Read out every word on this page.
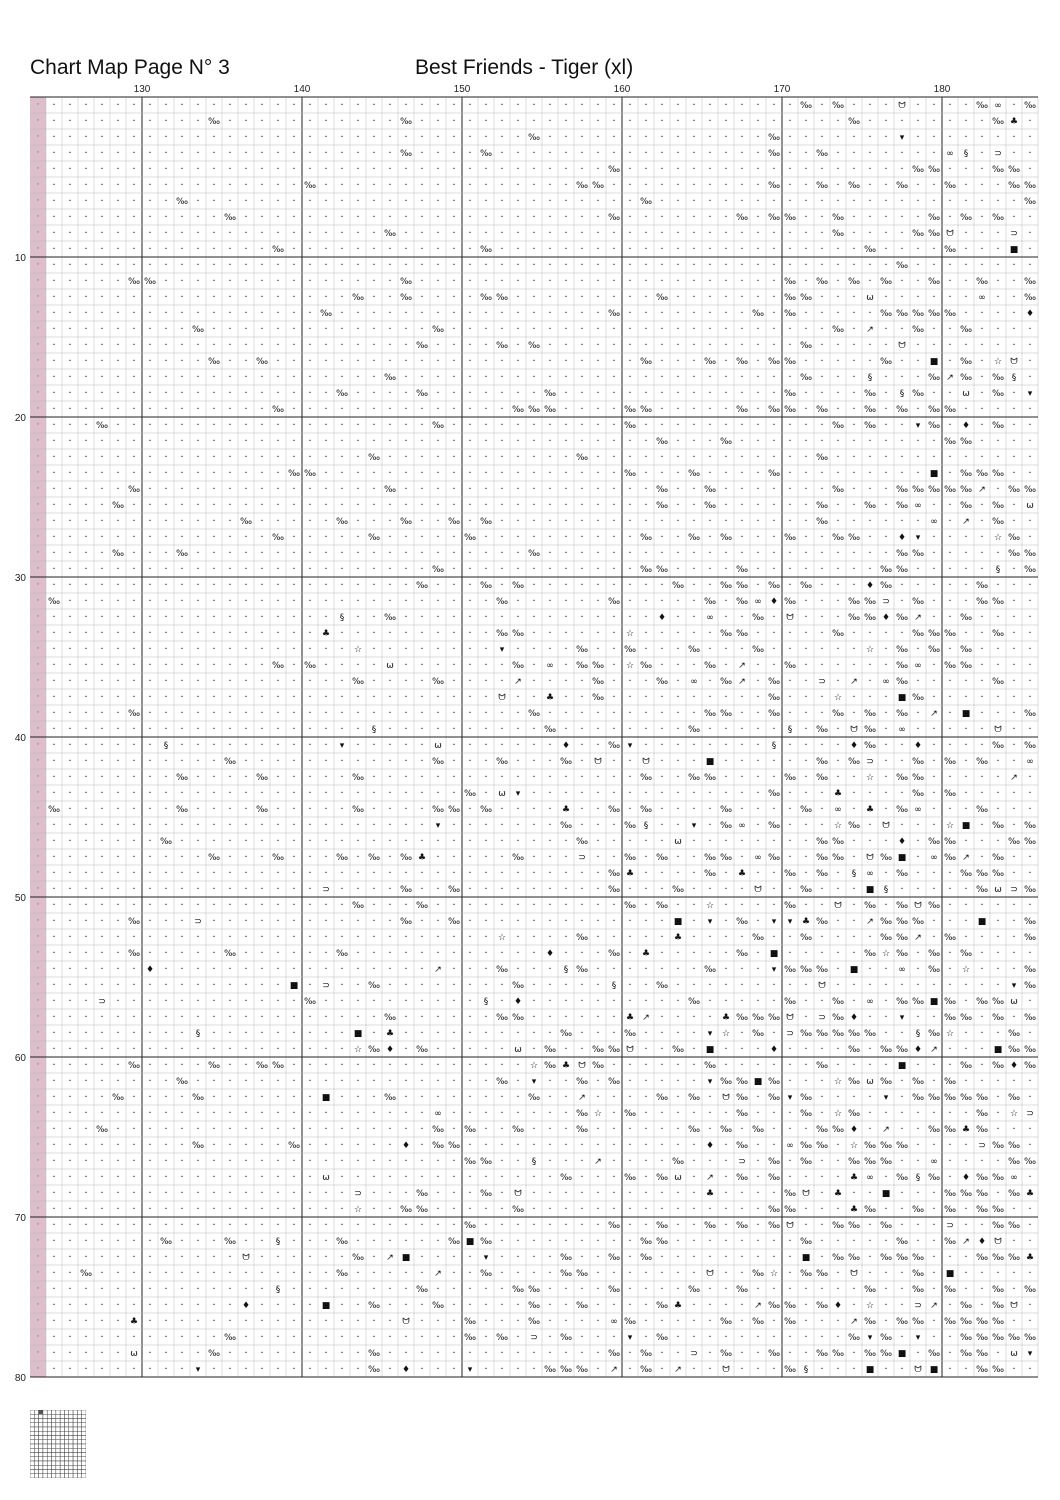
Chart Map Page N° 3	Best Friends - Tiger (xl)
·
·
·
·
·
·
·
·
·
·
·
·
·
·
·
·
·
·
·
·
·
·
·
·
·
·
·
·
·
·
·
·
·
·
·
·
·
·
·
·
·
·
·
·
·
·
·
·
·
·
·
·
·
·
·
·
·
·
·
·
·
·
·
·
·
·
·
·
·
·
·
·
·
·
·
·
·
·
·
·
· · · · · · · · · · · · · · · · · · · · · · · · · · · · · · · · · · · · · · · · · · · · · · · ‰ · ‰ · · · ᗢ · · · · ‰ ∞ · ‰
· · · · · · · · · · ‰ · · · · · · · · · · · ‰ · · · · · · · · · · · · · · · · · · · · · · · · · · · ‰ · · · · · · · · ‰ ♣ ·
· · · · · · · · · · · · · · · · · · · · · · · · · · · · · · ‰ · · · · · · · · · · · · · · ‰ · · · · · · · ▾ · · · · · · · ·
· · · · · · · · · · · · · · · · · · · · · · ‰ · · · · ‰ · · · · · · · · · · · · · · · · · ‰ · · ‰ · · · · · · · ∞ § · ⊃ · ·
· · · · · · · · · · · · · · · · · · · · · · · · · · · · · · · · · · · ‰ · · · · · · · · · · · · · · · · · · ‰ ‰ · · · ‰ ‰ ·
· · · · · · · · · · · · · · · · ‰ · · · · · · · · · · · · · · · · ‰ ‰ · · · · · · · · · · ‰ · · ‰ · ‰ · · ‰ · · ‰ · · · ‰ ‰
· · · · · · · · ‰ · · · · · · · · · · · · · · · · · · · · · · · · · · · · ‰ · · · · · · · · · · · · · · · · · · · · · · · ‰
· · · · · · · · · · · ‰ · · · · · · · · · · · · · · · · · · · · · · · ‰ · · · · · · · ‰ · ‰ ‰ · · ‰ · · · · · ‰ · ‰ · ‰ · ·
· · · · · · · · · · · · · · · · · · · · · ‰ · · · · · · · · · · · · · · · · · · · · · · · · · · · ‰ · · · · ‰ ‰ ᗢ · · · ⊃ ·
· · · · · · · · · · · · · · ‰ · · · · · · · · · · · · ‰ · · · · · · · · · · · · · · · · · · · · · · · ‰ · · · · ‰ · · · ■ ·
· · · · · · · · · · · · · · · · · · · · · · · · · · · · · · · · · · · · · · · · · · · · · · · · · · · · · ‰ · · · · · · · ·
· · · · · ‰ ‰ · · · · · · · · · · · · · · · ‰ · · · · · · · · · · · · · · · · · · · · · · · ‰ · ‰ · ‰ · ‰ · · ‰ · · ‰ · · ‰
· · · · · · · · · · · · · · · · · · · ‰ · · ‰ · · · · ‰ ‰ · · · · · · · · · ‰ · · · · · · · ‰ ‰ · · · ω · · · · · · ∞ · · ‰
· · · · · · · · · · · · · · · · · ‰ · · · · · · · · · · · · · · · · · ‰ · · · · · · · · ‰ · ‰ · · · · · ‰ ‰ ‰ ‰ ‰ · · · · ♦
· · · · · · · · · ‰ · · · · · · · · · · · · · · ‰ · · · · · · · · · · · · · · · · · · · · · · · · ‰ · ↗ · · ‰ · · ‰ · · · ·
· · · · · · · · · · · · · · · · · · · · · · · ‰ · · · · ‰ · ‰ · · · · · · · · · · · · · · · · ‰ · · · · · ᗢ · · · · · · · ·
· · · · · · · · · · ‰ · · ‰ · · · · · · · · · · · · · · · · · · · · · · · ‰ · · · ‰ · ‰ · ‰ ‰ · · · · · ‰ · · ■ · ‰ · ☆ ᗢ ·
· · · · · · · · · · · · · · · · · · · · · ‰ · · · · · · · · · · · · · · · · · · · · · · · · · ‰ · · · § · · · ‰ ↗ ‰ · ‰ § ·
· · · · · · · · · · · · · · · · · · ‰ · · · · ‰ · · · · · · · ‰ · · · · · · · · · · · · · · ‰ · · · · ‰ · § ‰ · · ω · ‰ · ▾
· · · · · · · · · · · · · · ‰ · · · · · · · · · · · · · · ‰ ‰ ‰ · · · · ‰ ‰ · · · · · ‰ · ‰ ‰ · ‰ · · ‰ · ‰ · ‰ ‰ · · · · ·
· · · ‰ · · · · · · · · · · · · · · · · · · · · ‰ · · · · · · · · · · · ‰ · · · · · · · · · · · · ‰ · ‰ · · ▾ ‰ · ♦ · ‰ · ·
· · · · · · · · · · · · · · · · · · · · · · · · · · · · · · · · · · · · · · ‰ · · · ‰ · · · · · · · · · · · · · ‰ ‰ · · · ·
· · · · · · · · · · · · · · · · · · · · ‰ · · · · · · · · · · · · ‰ · · · · · · · · · · · · · · ‰ · · · · · · · · · · · · ·
· · · · · · · · · · · · · · · ‰ ‰ · · · · · · · · · · · · · · · · · · · ‰ · · · ‰ · · · · ‰ · · · · · · · · · ■ · ‰ ‰ ‰ · ·
· · · · · ‰ · · · · · · · · · · · · · · · ‰ · · · · · · · · · · · · · · · · ‰ · · ‰ · · · · · · · ‰ · · · ‰ ‰ ‰ ‰ ‰ ↗ · ‰ ‰
· · · · ‰ · · · · · · · · · · · · · · · · · · · · · · · · · · · · · · · · · ‰ · · ‰ · · · · · · ‰ · · ‰ · ‰ ∞ · · ‰ · ‰ · ω
· · · · · · · · · · · · ‰ · · · · · ‰ · · · ‰ · · ‰ · ‰ · · · · · · · · · · · · · · · · · · · · ‰ · · · · · · ∞ · ↗ · ‰ · ·
· · · · · · · · · · · · · · ‰ · · · · · ‰ · · · · · ‰ · · · · · · · · · · ‰ · · ‰ · ‰ · · · ‰ · · ‰ ‰ · · ♦ ▾ · · · · ☆ ‰ ·
· · · · ‰ · · · ‰ · · · · · · · · · · · · · · · · · · · · · ‰ · · · · · · · · · · · · · · · · · · · · · · ‰ ‰ · · · · · ‰ ‰
· · · · · · · · · · · · · · · · · · · · · · · · ‰ · · · · · · · · · · · · ‰ ‰ · · · · ‰ · · · · · · · · ‰ ‰ · · · · · § · ‰
· · · · · · · · · · · · · · · · · · · · · · · ‰ · · · ‰ · ‰ · · · · · · · · · ‰ · · ‰ ‰ · ‰ · ‰ · · · ♦ ‰ · · · · · ‰ · · ·
‰ · · · · · · · · · · · · · · · · · · · · · · · · · · · ‰ · · · · · · ‰ · · · · · ‰ · ‰ ∞ ♦ ‰ · · · ‰ ‰ ⊃ · ‰ · · · ‰ ‰ · ·
· · · · · · · · · · · · · · · · · · § · · ‰ · · · · · · · · · · · · · · · · ♦ · · ∞ · · ‰ · ᗢ · · · ‰ ‰ ♦ ‰ ↗ · · ‰ · · · ·
· · · · · · · · · · · · · · · · · ♣ · · · · · · · · · · ‰ ‰ · · · · · · ☆ · · · · · ‰ ‰ · · · · · ‰ · · · · ‰ ‰ ‰ · · ‰ · ·
· · · · · · · · · · · · · · · · · · · ☆ · · · · · · · · ▾ · · · · ‰ · · ‰ · · · ‰ · · · ‰ · · · · · · ☆ · ‰ · ‰ · ‰ · · · ·
· · · · · · · · · · · · · · ‰ · ‰ · · · · ω · · · · · · · ‰ · ∞ · ‰ ‰ · ☆ ‰ · · · ‰ · ↗ · · ‰ · · · · · · ‰ ∞ · ‰ ‰ · · · ·
· · · · · · · · · · · · · · · · · · · ‰ · · · · ‰ · · · · ↗ · · · · ‰ · · · ‰ · ∞ · ‰ ↗ · ‰ · · ⊃ · ↗ · ∞ ‰ · · · · · ‰ · ·
· · · · · · · · · · · · · · · · · · · · · · · · · · · · ᗢ · · ♣ · · ‰ · · · · · · · · · · ‰ · · · ☆ · · · ■ ‰ · · · · · · ·
· · · · · ‰ · · · · · · · · · · · · · · · · · · · · · · · · ‰ · · · · · · · · · · ‰ ‰ · · ‰ · · · ‰ · ‰ · ‰ · ↗ · ■ · · · ‰
· · · · · · · · · · · · · · · · · · · · § · · · · · · · · · · ‰ · · · · · · · · ‰ · · · · · § · ‰ · ᗢ ‰ · ∞ · · · · · ᗢ · ·
· · · · · · · § · · · · · · · · · · ▾ · · · · · ω · · · · · · · ♦ · · ‰ ▾ · · · · · · · · § · · · · ♦ ‰ · · ♦ · · · · ‰ · ‰
· · · · · · · · · · · ‰ · · · · · · · · · · · · ‰ · · · ‰ · · · ‰ · ᗢ · · ᗢ · · · ■ · · · · · · ‰ · ‰ ⊃ · · ‰ · ‰ · ‰ · · ∞
· · · · · · · · ‰ · · · · ‰ · · · · · ‰ · · · · · · · · · · · · · · · · · ‰ · · ‰ ‰ · · · · ‰ · ‰ · · ☆ · ‰ ‰ · · · · · ↗ ·
· · · · · · · · · · · · · · · · · · · · · · · · · · ‰ · ω ▾ · · · · · · · · · · · · · · · ‰ · · · ♣ · · · · ‰ · ‰ · · · · ·
‰ · · · · · · · ‰ · · · · ‰ · · · · · ‰ · · · · ‰ ‰ · ‰ · · · · ♣ · · ‰ · ‰ · · · · ‰ · · · · ‰ · ∞ · ♣ · ‰ ∞ · · · ‰ · · ·
· · · · · · · · · · · · · · · · · · · · · · · · ▾ · · · · · · · ‰ · · · ‰ § · · ▾ · ‰ ∞ · ‰ · · · ☆ ‰ · ᗢ · · · ☆ ■ · ‰ · ‰
· · · · · · · ‰ · · · · · · · · · · · · · · · · · · · · · · · · · ‰ · · · · · ω · · · · · · · · ‰ ‰ · · · ♦ · ‰ ‰ · · · ‰ ‰
· · · · · · · · · · ‰ · · · ‰ · · · ‰ · ‰ · ‰ ♣ · · · · · ‰ · · · ⊃ · · ‰ · ‰ · · ‰ ‰ · ∞ ‰ · · ‰ ‰ · ᗢ ‰ ■ · ∞ ‰ ↗ · ‰ · ·
· · · · · · · · · · · · · · · · · · · · · · · · · · · · · · · · · · · ‰ ♣ · · · · ‰ · ♣ · · ‰ · ‰ · § ∞ · ‰ · · · ‰ ‰ ‰ · ·
· · · · · · · · · · · · · · · · · ⊃ · · · · ‰ · · ‰ · · · · · · · · · ‰ · · · ‰ · · · · ᗢ · · ‰ · · · ■ § · · · · · ‰ ω ⊃ ‰
· · · · · · · · · · · · · · · · · · · ‰ · · · ‰ · · · · · · · · · · · · ‰ · ‰ · · ☆ · · · · ‰ · · ᗢ · ‰ · ‰ ᗢ ‰ · · · · · ·
· · · · · ‰ · · · ⊃ · · · · · · · · · · · · ‰ · · ‰ · · · · · · · · · · · · · ■ · ▾ · ‰ · ▾ ▾ ♣ ‰ · · ↗ ‰ ‰ ‰ · · · ■ · · ‰
· · · · · · · · · · · · · · · · · · · · · · · · · · · · ☆ · · · · ‰ · · · · · ♣ · · · · ‰ · · ‰ · · · · ‰ ‰ ↗ · ‰ · · · · ‰
· · · · · ‰ · · · · · ‰ · · · · · · ‰ · · · · · · · · · · · · ♦ · · · ‰ · ♣ · · · · · ‰ · ■ · · · · · ‰ ☆ ‰ · ‰ · ‰ · · · ·
· · · · · · ♦ · · · · · · · · · · · · · · · · · ↗ · · · ‰ · · · § ‰ · · · · · · · ‰ · · · ▾ ‰ ‰ ‰ · ■ · · ∞ · ‰ · ☆ · · · ‰
· · · · · · · · · · · · · · · ■ · ⊃ · · ‰ · · · · · · · · ‰ · · · · · § · · ‰ · · · · · · · · · ᗢ · · · · · · · · · · · ▾ ‰
· · · ⊃ · · · · · · · · · · · · ‰ · · · · · · · · · · § · ♦ · · · · · · · · · · ‰ · · · · · ‰ · · ‰ · ∞ · ‰ ‰ ■ ‰ · ‰ ‰ ω ·
· · · · · · · · · · · · · · · · · · · · · ‰ · · · · · · ‰ ‰ · · · · · · ♣ ↗ · · · · ♣ ‰ ‰ ‰ ᗢ · ⊃ ‰ ♦ · · ▾ · · ‰ ‰ · ‰ · ‰
· · · · · · · · · § · · · · · · · · · ■ · ♣ · · · · · · · · · · ‰ · · · ‰ · · · · ▾ ☆ · ‰ · ⊃ ‰ ‰ ‰ ‰ ‰ · · § ‰ ☆ · · · ‰ ·
· · · · · · · · · · · · · · · · · · · ☆ ‰ ♦ · ‰ · · · · · ω · ‰ · · ‰ ‰ ᗢ · · ‰ · ■ · · · ♦ · · · · ‰ · ‰ ‰ ♦ ↗ · · · ■ ‰ ‰
· · · · · ‰ · · · · ‰ · · ‰ ‰ · · · · · · · · · · · · · · · ☆ ‰ ♣ ᗢ ‰ · · · · · · ‰ · · · · · · ‰ · · · · ■ · · · ‰ · ‰ ♦ ‰
· · · · · · · · ‰ · · · · · · · · · · · · · · · · · · · ‰ · ▾ · · ‰ · ‰ · · · · · ▾ ‰ ‰ ■ ‰ · · · ☆ ‰ ω ‰ · ‰ · ‰ · · · · ·
· · · · ‰ · · · · ‰ · · · · · · · ■ · · · ‰ · · · · · · · · ‰ · · ↗ · · · · ‰ · ‰ · ᗢ ‰ · ‰ ▾ ‰ · · · · ▾ · ‰ ‰ ‰ ‰ ‰ · ‰ ·
· · · · · · · · · · · · · · · · · · · · · · · · ∞ · · · · · · · · ‰ ☆ · ‰ · · · · · · ‰ · · · ‰ · ☆ ‰ · · · · · · · ‰ · ☆ ⊃
· · · ‰ · · · · · · · · · · · · · · · · · · · · ‰ · ‰ · · ‰ · · · ‰ · · · · · · ‰ · ‰ · ‰ · · · ‰ ‰ ♦ · ↗ · · ‰ ‰ ♣ ‰ · · ·
· · · · · · · · · ‰ · · · · · ‰ · · · · · · ♦ · ‰ ‰ · · · · · · · · · · · · · · · ♦ · ‰ · · ∞ ‰ ‰ · ☆ ‰ ‰ ‰ · · · · ⊃ ‰ ‰ ·
· · · · · · · · · · · · · · · · · · · · · · · · · · ‰ ‰ · · § · · · ↗ · · · · ‰ · · · ⊃ · ‰ · ‰ · · ‰ ‰ ‰ · · ∞ · · · · ‰ ‰
· · · · · · · · · · · · · · · · · ω · · · · · · · · · · · · · · ‰ · · · ‰ · ‰ ω · ↗ · ‰ · ‰ · · · · ♣ ∞ · ‰ § ‰ · ♦ ‰ ‰ ∞ ·
· · · · · · · · · · · · · · · · · · · ⊃ · · · ‰ · · · ‰ · ᗢ · · · · · · · · · · · ♣ · · · · ‰ ᗢ · ♣ · · ■ · · · ‰ ‰ ‰ · ‰ ♣
· · · · · · · · · · · · · · · · · · · ☆ · · ‰ ‰ · · · · · ‰ · · · · · · · · · · · · · · · ‰ ‰ · · · ♣ ‰ · · ‰ · ‰ · ‰ ‰ · ·
· · · · · · · · · · · · · · · · · · · · · · · · · · ‰ · · · · · · · · ‰ · · ‰ · · ‰ · ‰ · ‰ ᗢ · · ‰ ‰ · ‰ · · · ⊃ · · ‰ ‰ ·
· · · · · · · ‰ · · · ‰ · · § · · · ‰ · · · · · · ‰ ■ ‰ · · · · · · · · · ‰ ‰ · · · · · · · · ‰ · · · · · ‰ · · ‰ ↗ ♦ ᗢ · ·
· · · · · · · · · · · · ᗢ · · · · · · ‰ · ↗ ■ · · · · ▾ · · · · ‰ · · ‰ · ‰ · · · · · · · · · ■ · ‰ ‰ · ‰ ‰ ‰ · · · ‰ ‰ ‰ ♣
· · ‰ · · · · · · · · · · · · · · · ‰ · · · · · ↗ · · ‰ · · · · ‰ ‰ · · · · · · · ᗢ · · ‰ ☆ · ‰ ‰ · ᗢ · · · ‰ · ■ · · · · ·
· · · · · · · · · · · · · · § · · · · · · · · ‰ · · · · · ‰ ‰ · · · · ‰ · · · · ‰ · · ‰ · · · · · · · ‰ · · ‰ · ‰ · · ‰ · ‰
· · · · · · · · · · · · ♦ · · · · ■ · · ‰ · · · ‰ · · · · · ‰ · · ‰ · · · · ‰ ♣ · · · · ↗ ‰ ‰ · ‰ ♦ · ☆ · · ⊃ ↗ · ‰ · ‰ ᗢ ·
· · · · · ♣ · · · · · · · · · · · · · · · · ᗢ · · · ‰ · · · ‰ · · · · ∞ ‰ · · · · · ‰ · ‰ · ‰ · · · ↗ ‰ · ‰ ‰ · ‰ ‰ ‰ ‰ · ·
· · · · · · · · · · · ‰ · · · · · · · · · · · · · · ‰ · ‰ · ⊃ · ‰ · · · ▾ · ‰ · · · · · · · · · · · ‰ ▾ ‰ · ▾ · · ‰ ‰ ‰ ‰ ‰
· · · · · ω · · · · ‰ · · · · · · · · · ‰ · · · · · · · · · · · · · · ‰ · ‰ · · ⊃ · ‰ · · ‰ · · ‰ ‰ · ‰ ‰ ■ · ‰ · ‰ ‰ · ω ▾
· · · · · · · · · ▾ · · · · · · · · · · ‰ · ♦ · · · ▾ · · · · ‰ ‰ ‰ · ↗ · ‰ · ↗ · · ᗢ · · · ‰ § · · · ■ · · ᗢ ■ · · ‰ ‰ · ·
130	140	150	160	170	180
10
20
30
40
50
60
70
80
